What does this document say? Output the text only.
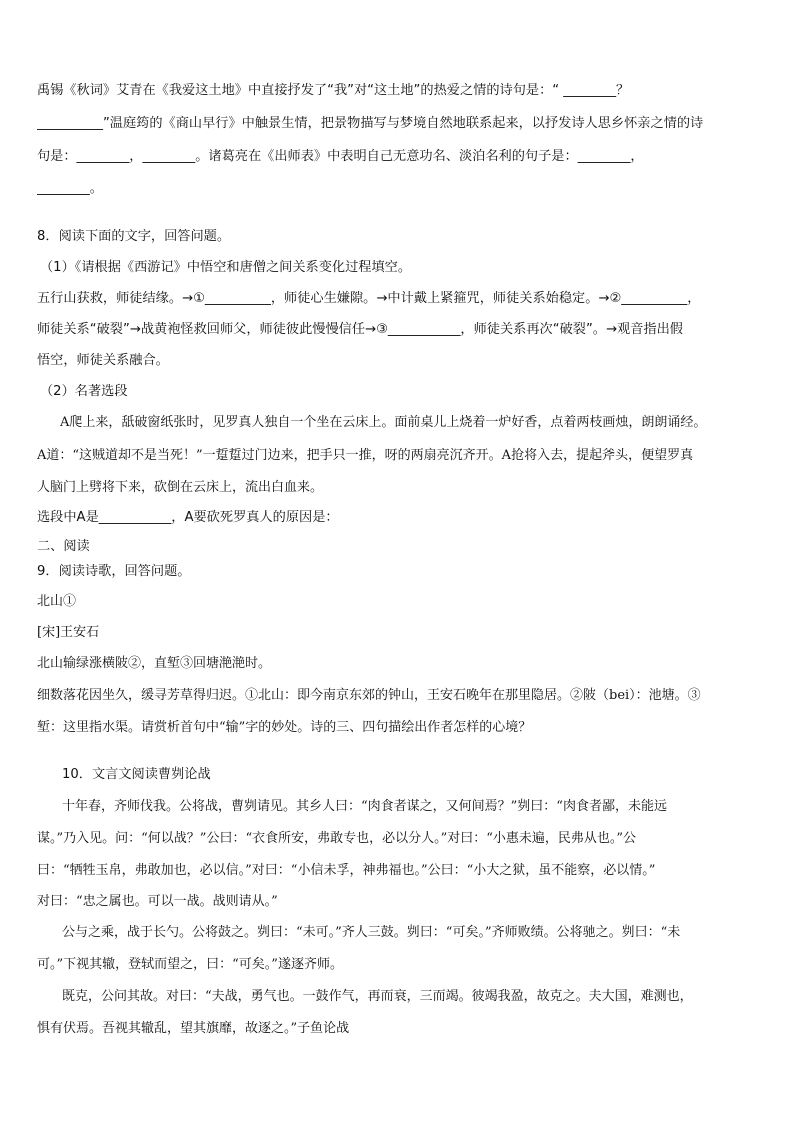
禹锡《秋词》艾青在《我爱这土地》中直接抒发了“我”对“这土地”的热爱之情的诗句是：“ ________？
__________”温庭筠的《商山早行》中触景生情，把景物描写与梦境自然地联系起来，以抒发诗人思乡怀亲之情的诗
句是：________，________。诸葛亮在《出师表》中表明自己无意功名、淡泊名利的句子是：________，
________。
8．阅读下面的文字，回答问题。
（1）《请根据《西游记》中悟空和唐僧之间关系变化过程填空。
五行山获救，师徒结缘。→①__________，师徒心生嫌隙。→中计戴上紧箍咒，师徒关系始稳定。→②__________，
师徒关系“破裂”→战黄袍怪救回师父，师徒彼此慢慢信任→③___________，师徒关系再次“破裂”。→观音指出假
悟空，师徒关系融合。
（2）名著选段
A爬上来，舐破窗纸张时，见罗真人独自一个坐在云床上。面前桌儿上烧着一炉好香，点着两枝画烛，朗朗诵经。
A道：“这贼道却不是当死！”一踅踅过门边来，把手只一推，呀的两扇亮沉齐开。A抢将入去，提起斧头，便望罗真
人脑门上劈将下来，砍倒在云床上，流出白血来。
选段中A是___________，A要砍死罗真人的原因是：
二、阅读
9．阅读诗歌，回答问题。
北山①
[宋]王安石
北山输绿涨横陂②，直堑③回塘滟滟时。
细数落花因坐久，缓寻芳草得归迟。①北山：即今南京东郊的钟山，王安石晚年在那里隐居。②陂（bei）：池塘。③
堑：这里指水渠。请赏析首句中“输”字的妙处。诗的三、四句描绘出作者怎样的心境？
10．文言文阅读曹刿论战
十年春，齐师伐我。公将战，曹刿请见。其乡人曰：“肉食者谋之，又何间焉？”刿曰：“肉食者鄙，未能远
谋。”乃入见。问：“何以战？”公曰：“衣食所安，弗敢专也，必以分人。”对曰：“小惠未遍，民弗从也。”公
曰：“牺牲玉帛，弗敢加也，必以信。”对曰：“小信未孚，神弗福也。”公曰：“小大之狱，虽不能察，必以情。”
对曰：“忠之属也。可以一战。战则请从。”
公与之乘，战于长勺。公将鼓之。刿曰：“未可。”齐人三鼓。刿曰：“可矣。”齐师败绩。公将驰之。刿曰：“未
可。”下视其辙，登轼而望之，曰：“可矣。”遂逐齐师。
既克，公问其故。对曰：“夫战，勇气也。一鼓作气，再而衰，三而竭。彼竭我盈，故克之。夫大国，难测也，
惧有伏焉。吾视其辙乱，望其旗靡，故逐之。”子鱼论战
